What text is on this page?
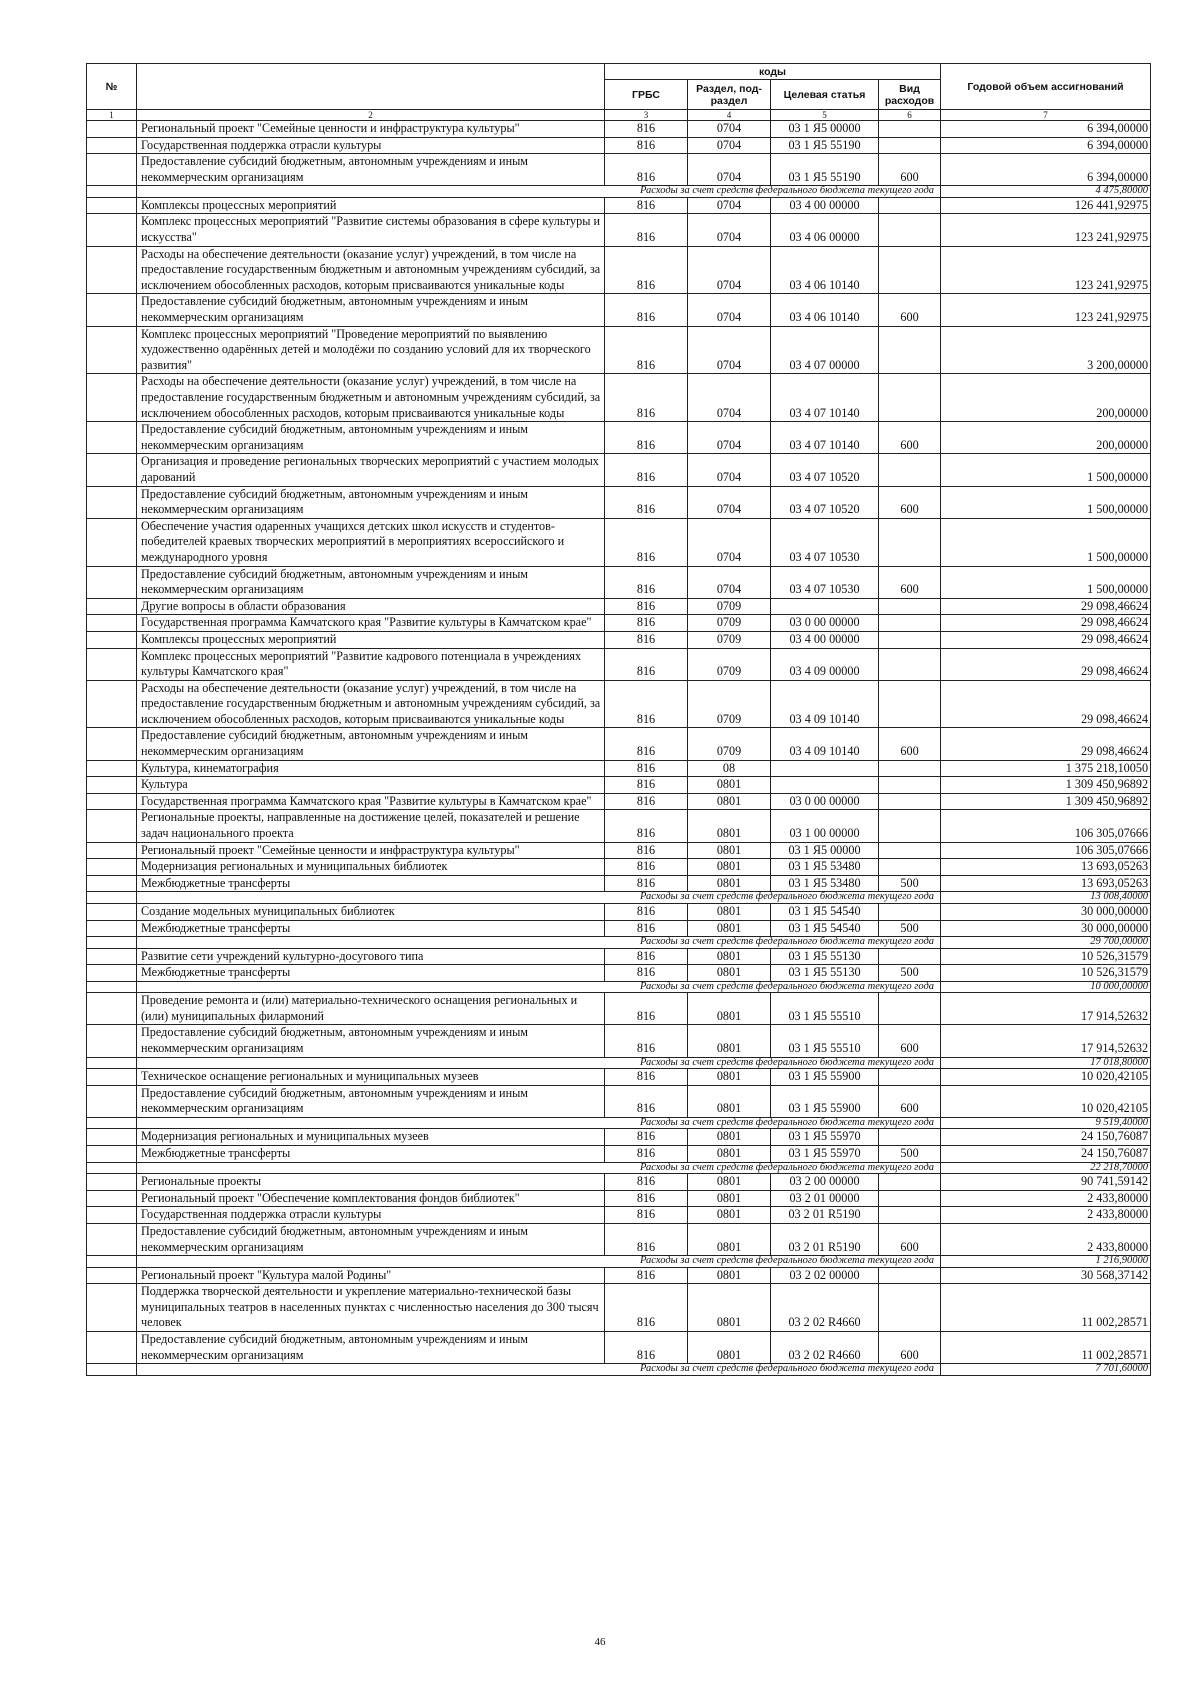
№		коды				Годовой объем ассигнований
		ГРБС	Раздел, под-раздел	Целевая статья	Вид расходов	
1	2	3	4	5	6	7
	Региональный проект "Семейные ценности и инфраструктура культуры"	816	0704	03 1 Я5 00000		6 394,00000
	Государственная поддержка отрасли культуры	816	0704	03 1 Я5 55190		6 394,00000
	Предоставление субсидий бюджетным, автономным учреждениям и иным некоммерческим организациям	816	0704	03 1 Я5 55190	600	6 394,00000
	Расходы за счет средств федерального бюджета текущего года					4 475,80000
	Комплексы процессных мероприятий	816	0704	03 4 00 00000		126 441,92975
	Комплекс процессных мероприятий "Развитие системы образования в сфере культуры и искусства"	816	0704	03 4 06 00000		123 241,92975
	Расходы на обеспечение деятельности (оказание услуг) учреждений, в том числе на предоставление государственным бюджетным и автономным учреждениям субсидий, за исключением обособленных расходов, которым присваиваются уникальные коды	816	0704	03 4 06 10140		123 241,92975
	Предоставление субсидий бюджетным, автономным учреждениям и иным некоммерческим организациям	816	0704	03 4 06 10140	600	123 241,92975
	Комплекс процессных мероприятий "Проведение мероприятий по выявлению художественно одарённых детей и молодёжи по созданию условий для их творческого развития"	816	0704	03 4 07 00000		3 200,00000
	Расходы на обеспечение деятельности (оказание услуг) учреждений, в том числе на предоставление государственным бюджетным и автономным учреждениям субсидий, за исключением обособленных расходов, которым присваиваются уникальные коды	816	0704	03 4 07 10140		200,00000
	Предоставление субсидий бюджетным, автономным учреждениям и иным некоммерческим организациям	816	0704	03 4 07 10140	600	200,00000
	Организация и проведение региональных творческих мероприятий с участием молодых дарований	816	0704	03 4 07 10520		1 500,00000
	Предоставление субсидий бюджетным, автономным учреждениям и иным некоммерческим организациям	816	0704	03 4 07 10520	600	1 500,00000
	Обеспечение участия одаренных учащихся детских школ искусств и студентов-победителей краевых творческих мероприятий в мероприятиях всероссийского и международного уровня	816	0704	03 4 07 10530		1 500,00000
	Предоставление субсидий бюджетным, автономным учреждениям и иным некоммерческим организациям	816	0704	03 4 07 10530	600	1 500,00000
	Другие вопросы в области образования	816	0709			29 098,46624
	Государственная программа Камчатского края "Развитие культуры в Камчатском крае"	816	0709	03 0 00 00000		29 098,46624
	Комплексы процессных мероприятий	816	0709	03 4 00 00000		29 098,46624
	Комплекс процессных мероприятий "Развитие кадрового потенциала в учреждениях культуры Камчатского края"	816	0709	03 4 09 00000		29 098,46624
	Расходы на обеспечение деятельности (оказание услуг) учреждений, в том числе на предоставление государственным бюджетным и автономным учреждениям субсидий, за исключением обособленных расходов, которым присваиваются уникальные коды	816	0709	03 4 09 10140		29 098,46624
	Предоставление субсидий бюджетным, автономным учреждениям и иным некоммерческим организациям	816	0709	03 4 09 10140	600	29 098,46624
	Культура, кинематография	816	08			1 375 218,10050
	Культура	816	0801			1 309 450,96892
	Государственная программа Камчатского края "Развитие культуры в Камчатском крае"	816	0801	03 0 00 00000		1 309 450,96892
	Региональные проекты, направленные на достижение целей, показателей и решение задач национального проекта	816	0801	03 1 00 00000		106 305,07666
	Региональный проект "Семейные ценности и инфраструктура культуры"	816	0801	03 1 Я5 00000		106 305,07666
	Модернизация региональных и муниципальных библиотек	816	0801	03 1 Я5 53480		13 693,05263
	Межбюджетные трансферты	816	0801	03 1 Я5 53480	500	13 693,05263
	Расходы за счет средств федерального бюджета текущего года					13 008,40000
	Создание модельных муниципальных библиотек	816	0801	03 1 Я5 54540		30 000,00000
	Межбюджетные трансферты	816	0801	03 1 Я5 54540	500	30 000,00000
	Расходы за счет средств федерального бюджета текущего года					29 700,00000
	Развитие сети учреждений культурно-досугового типа	816	0801	03 1 Я5 55130		10 526,31579
	Межбюджетные трансферты	816	0801	03 1 Я5 55130	500	10 526,31579
	Расходы за счет средств федерального бюджета текущего года					10 000,00000
	Проведение ремонта и (или) материально-технического оснащения региональных и (или) муниципальных филармоний	816	0801	03 1 Я5 55510		17 914,52632
	Предоставление субсидий бюджетным, автономным учреждениям и иным некоммерческим организациям	816	0801	03 1 Я5 55510	600	17 914,52632
	Расходы за счет средств федерального бюджета текущего года					17 018,80000
	Техническое оснащение региональных и муниципальных музеев	816	0801	03 1 Я5 55900		10 020,42105
	Предоставление субсидий бюджетным, автономным учреждениям и иным некоммерческим организациям	816	0801	03 1 Я5 55900	600	10 020,42105
	Расходы за счет средств федерального бюджета текущего года					9 519,40000
	Модернизация региональных и муниципальных музеев	816	0801	03 1 Я5 55970		24 150,76087
	Межбюджетные трансферты	816	0801	03 1 Я5 55970	500	24 150,76087
	Расходы за счет средств федерального бюджета текущего года					22 218,70000
	Региональные проекты	816	0801	03 2 00 00000		90 741,59142
	Региональный проект "Обеспечение комплектования фондов библиотек"	816	0801	03 2 01 00000		2 433,80000
	Государственная поддержка отрасли культуры	816	0801	03 2 01 R5190		2 433,80000
	Предоставление субсидий бюджетным, автономным учреждениям и иным некоммерческим организациям	816	0801	03 2 01 R5190	600	2 433,80000
	Расходы за счет средств федерального бюджета текущего года					1 216,90000
	Региональный проект "Культура малой Родины"	816	0801	03 2 02 00000		30 568,37142
	Поддержка творческой деятельности и укрепление материально-технической базы муниципальных театров в населенных пунктах с численностью населения до 300 тысяч человек	816	0801	03 2 02 R4660		11 002,28571
	Предоставление субсидий бюджетным, автономным учреждениям и иным некоммерческим организациям	816	0801	03 2 02 R4660	600	11 002,28571
	Расходы за счет средств федерального бюджета текущего года					7 701,60000
46
